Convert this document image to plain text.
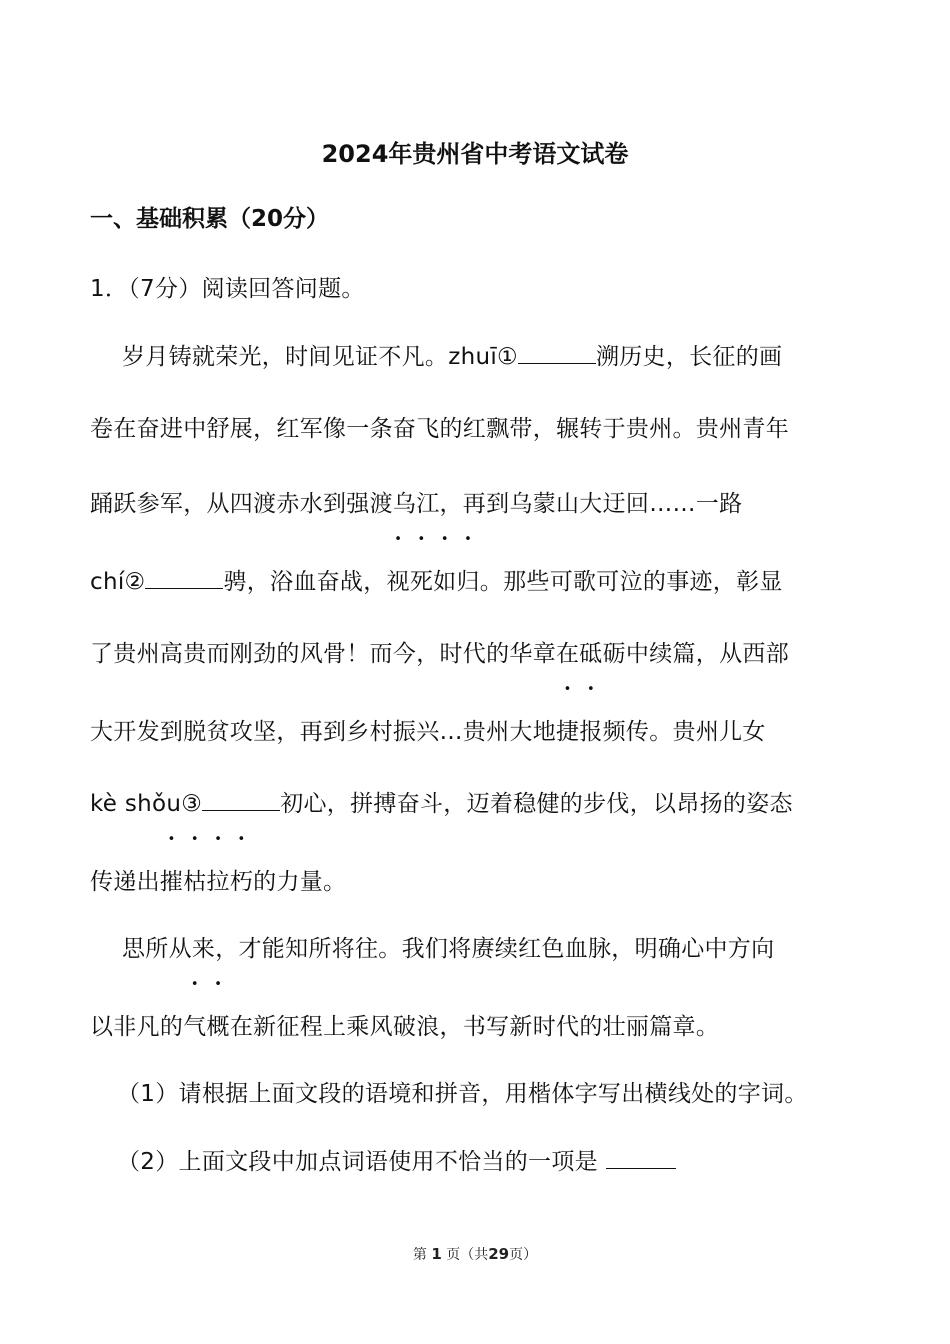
2024年贵州省中考语文试卷
一、基础积累（20分）
1．（7分）阅读回答问题。
岁月铸就荣光，时间见证不凡。zhuī①	溯历史，长征的画
卷在奋进中舒展，红军像一条奋飞的红飘带，辗转于贵州。贵州青年
踊跃参军，从四渡赤水到强渡乌江，再到乌蒙山大迂回……一路
chí②	骋，浴血奋战，视死如归。那些可歌可泣的事迹，彰显
了贵州高贵而刚劲的风骨！而今，时代的华章在砥砺中续篇，从西部
大开发到脱贫攻坚，再到乡村振兴…贵州大地捷报频传。贵州儿女
kè shǒu③	初心，拼搏奋斗，迈着稳健的步伐，以昂扬的姿态
传递出摧枯拉朽的力量。
思所从来，才能知所将往。我们将赓续红色血脉，明确心中方向
以非凡的气概在新征程上乘风破浪，书写新时代的壮丽篇章。
（1）请根据上面文段的语境和拼音，用楷体字写出横线处的字词。
（2）上面文段中加点词语使用不恰当的一项是
第 1 页（共29页）
